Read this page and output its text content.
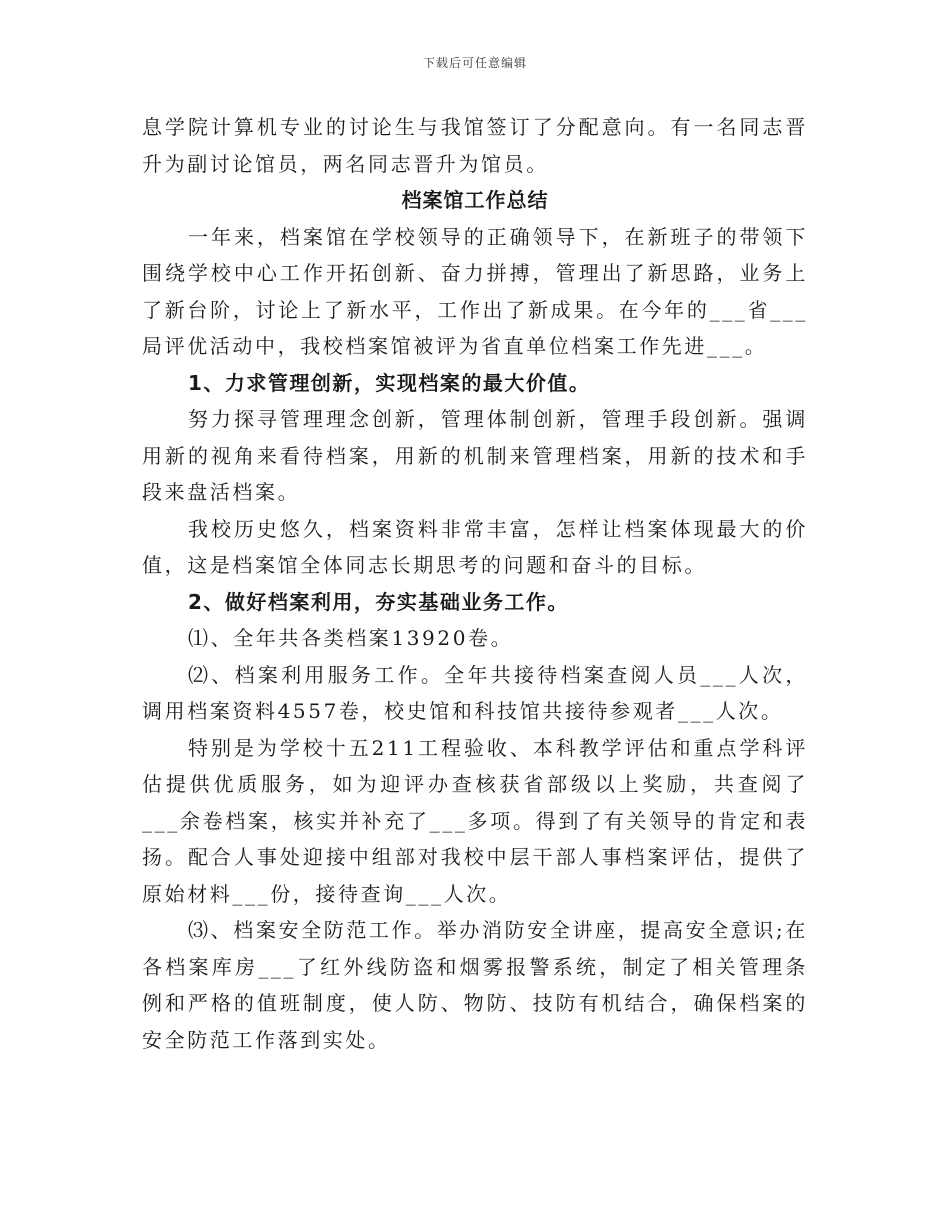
下载后可任意编辑

息学院计算机专业的讨论生与我馆签订了分配意向。有一名同志晋升为副讨论馆员，两名同志晋升为馆员。

档案馆工作总结

一年来，档案馆在学校领导的正确领导下，在新班子的带领下围绕学校中心工作开拓创新、奋力拼搏，管理出了新思路，业务上了新台阶，讨论上了新水平，工作出了新成果。在今年的___省___局评优活动中，我校档案馆被评为省直单位档案工作先进___。

1、力求管理创新，实现档案的最大价值。

努力探寻管理理念创新，管理体制创新，管理手段创新。强调用新的视角来看待档案，用新的机制来管理档案，用新的技术和手段来盘活档案。

我校历史悠久，档案资料非常丰富，怎样让档案体现最大的价值，这是档案馆全体同志长期思考的问题和奋斗的目标。

2、做好档案利用，夯实基础业务工作。

⑴、全年共各类档案13920卷。

⑵、档案利用服务工作。全年共接待档案查阅人员___人次，调用档案资料4557卷，校史馆和科技馆共接待参观者___人次。

特别是为学校十五211工程验收、本科教学评估和重点学科评估提供优质服务，如为迎评办查核获省部级以上奖励，共查阅了___余卷档案，核实并补充了___多项。得到了有关领导的肯定和表扬。配合人事处迎接中组部对我校中层干部人事档案评估，提供了原始材料___份，接待查询___人次。

⑶、档案安全防范工作。举办消防安全讲座，提高安全意识;在各档案库房___了红外线防盗和烟雾报警系统，制定了相关管理条例和严格的值班制度，使人防、物防、技防有机结合，确保档案的安全防范工作落到实处。
